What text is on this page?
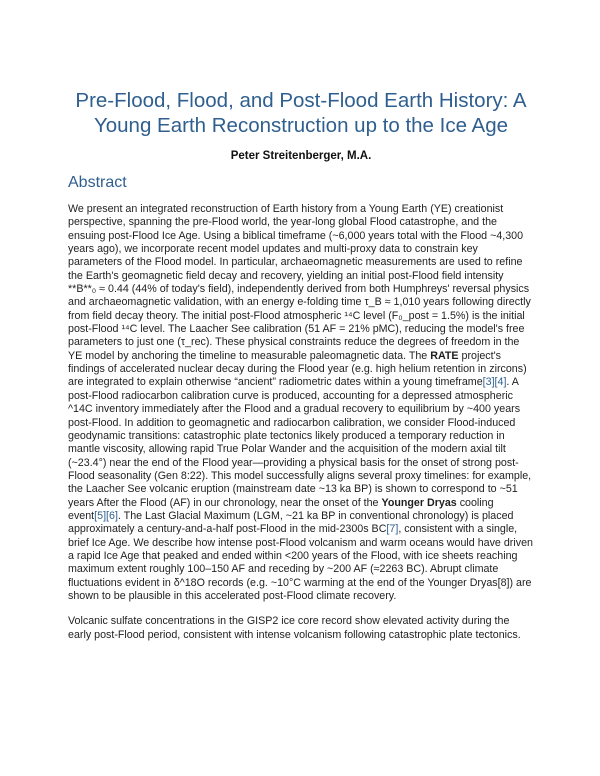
Pre-Flood, Flood, and Post-Flood Earth History: A Young Earth Reconstruction up to the Ice Age
Peter Streitenberger, M.A.
Abstract

We present an integrated reconstruction of Earth history from a Young Earth (YE) creationist perspective, spanning the pre-Flood world, the year-long global Flood catastrophe, and the ensuing post-Flood Ice Age. Using a biblical timeframe (~6,000 years total with the Flood ~4,300 years ago), we incorporate recent model updates and multi-proxy data to constrain key parameters of the Flood model. In particular, archaeomagnetic measurements are used to refine the Earth's geomagnetic field decay and recovery, yielding an initial post-Flood field intensity **B**₀ ≈ 0.44 (44% of today's field), independently derived from both Humphreys' reversal physics and archaeomagnetic validation, with an energy e-folding time τ_B ≈ 1,010 years following directly from field decay theory. The initial post-Flood atmospheric ¹⁴C level (F₀_post = 1.5%) is the initial post-Flood ¹⁴C level. The Laacher See calibration (51 AF = 21% pMC), reducing the model's free parameters to just one (τ_rec). These physical constraints reduce the degrees of freedom in the YE model by anchoring the timeline to measurable paleomagnetic data. The RATE project's findings of accelerated nuclear decay during the Flood year (e.g. high helium retention in zircons) are integrated to explain otherwise “ancient” radiometric dates within a young timeframe[3][4]. A post-Flood radiocarbon calibration curve is produced, accounting for a depressed atmospheric ^14C inventory immediately after the Flood and a gradual recovery to equilibrium by ~400 years post-Flood. In addition to geomagnetic and radiocarbon calibration, we consider Flood-induced geodynamic transitions: catastrophic plate tectonics likely produced a temporary reduction in mantle viscosity, allowing rapid True Polar Wander and the acquisition of the modern axial tilt (~23.4°) near the end of the Flood year—providing a physical basis for the onset of strong post-Flood seasonality (Gen 8:22). This model successfully aligns several proxy timelines: for example, the Laacher See volcanic eruption (mainstream date ~13 ka BP) is shown to correspond to ~51 years After the Flood (AF) in our chronology, near the onset of the Younger Dryas cooling event[5][6]. The Last Glacial Maximum (LGM, ~21 ka BP in conventional chronology) is placed approximately a century-and-a-half post-Flood in the mid-2300s BC[7], consistent with a single, brief Ice Age. We describe how intense post-Flood volcanism and warm oceans would have driven a rapid Ice Age that peaked and ended within <200 years of the Flood, with ice sheets reaching maximum extent roughly 100–150 AF and receding by ~200 AF (≈2263 BC). Abrupt climate fluctuations evident in δ^18O records (e.g. ~10°C warming at the end of the Younger Dryas[8]) are shown to be plausible in this accelerated post-Flood climate recovery.

Volcanic sulfate concentrations in the GISP2 ice core record show elevated activity during the early post-Flood period, consistent with intense volcanism following catastrophic plate tectonics.
